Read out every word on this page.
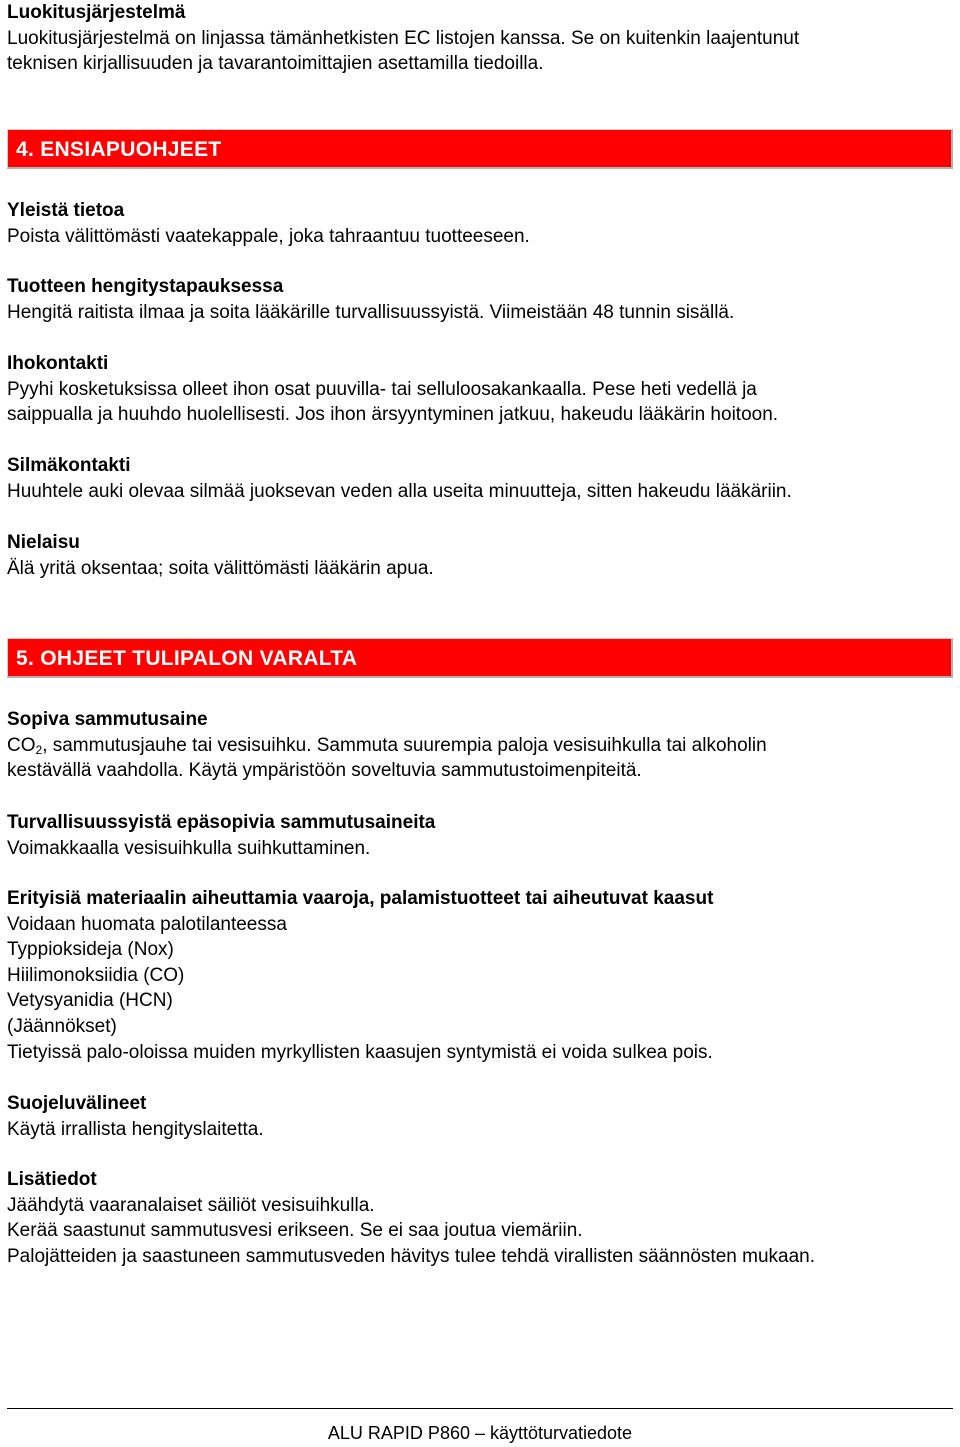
Luokitusjärjestelmä
Luokitusjärjestelmä on linjassa tämänhetkisten EC listojen kanssa. Se on kuitenkin laajentunut
teknisen kirjallisuuden ja tavarantoimittajien asettamilla tiedoilla.
4. ENSIAPUOHJEET
Yleistä tietoa
Poista välittömästi vaatekappale, joka tahraantuu tuotteeseen.
Tuotteen hengitystapauksessa
Hengitä raitista ilmaa ja soita lääkärille turvallisuussyistä. Viimeistään 48 tunnin sisällä.
Ihokontakti
Pyyhi kosketuksissa olleet ihon osat puuvilla- tai selluloosakankaalla. Pese heti vedellä ja
saippualla ja huuhdo huolellisesti. Jos ihon ärsyyntyminen jatkuu, hakeudu lääkärin hoitoon.
Silmäkontakti
Huuhtele auki olevaa silmää juoksevan veden alla useita minuutteja, sitten hakeudu lääkäriin.
Nielaisu
Älä yritä oksentaa; soita välittömästi lääkärin apua.
5. OHJEET TULIPALON VARALTA
Sopiva sammutusaine
$CO_2$, sammutusjauhe tai vesisuihku. Sammuta suurempia paloja vesisuihkulla tai alkoholin
kestävällä vaahdolla. Käytä ympäristöön soveltuvia sammutustoimenpiteitä.
Turvallisuussyistä epäsopivia sammutusaineita
Voimakkaalla vesisuihkulla suihkuttaminen.
Erityisiä materiaalin aiheuttamia vaaroja, palamistuotteet tai aiheutuvat kaasut
Voidaan huomata palotilanteessa
Typpioksideja (Nox)
Hiilimonoksiidia (CO)
Vetysyanidia (HCN)
(Jäännökset)
Tietyissä palo-oloissa muiden myrkyllisten kaasujen syntymistä ei voida sulkea pois.
Suojeluvälineet
Käytä irrallista hengityslaitetta.
Lisätiedot
Jäähdytä vaaranalaiset säiliöt vesisuihkulla.
Kerää saastunut sammutusvesi erikseen. Se ei saa joutua viemäriin.
Palojätteiden ja saastuneen sammutusveden hävitys tulee tehdä virallisten säännösten mukaan.
ALU RAPID P860 – käyttöturvatiedote
